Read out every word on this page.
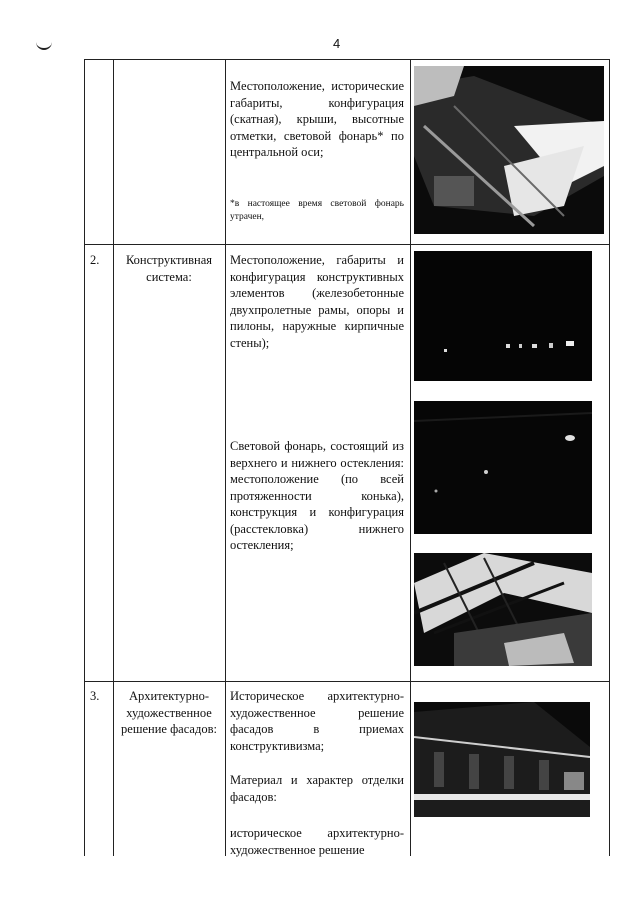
4
Местоположение, исторические габариты, конфигурация (скатная), крыши, высотные отметки, световой фонарь* по центральной оси;
*в настоящее время световой фонарь утрачен,
2.	Конструктивная система:
Местоположение, габариты и конфигурация конструктивных элементов (железобетонные двухпролетные рамы, опоры и пилоны, наружные кирпичные стены);
Световой фонарь, состоящий из верхнего и нижнего остекления: местоположение (по всей протяженности конька), конструкция и конфигурация (расстекловка) нижнего остекления;
3.	Архитектурно-художественное решение фасадов:
Историческое архитектурно-художественное решение фасадов в приемах конструктивизма;
Материал и характер отделки фасадов:
историческое архитектурно-художественное решение
